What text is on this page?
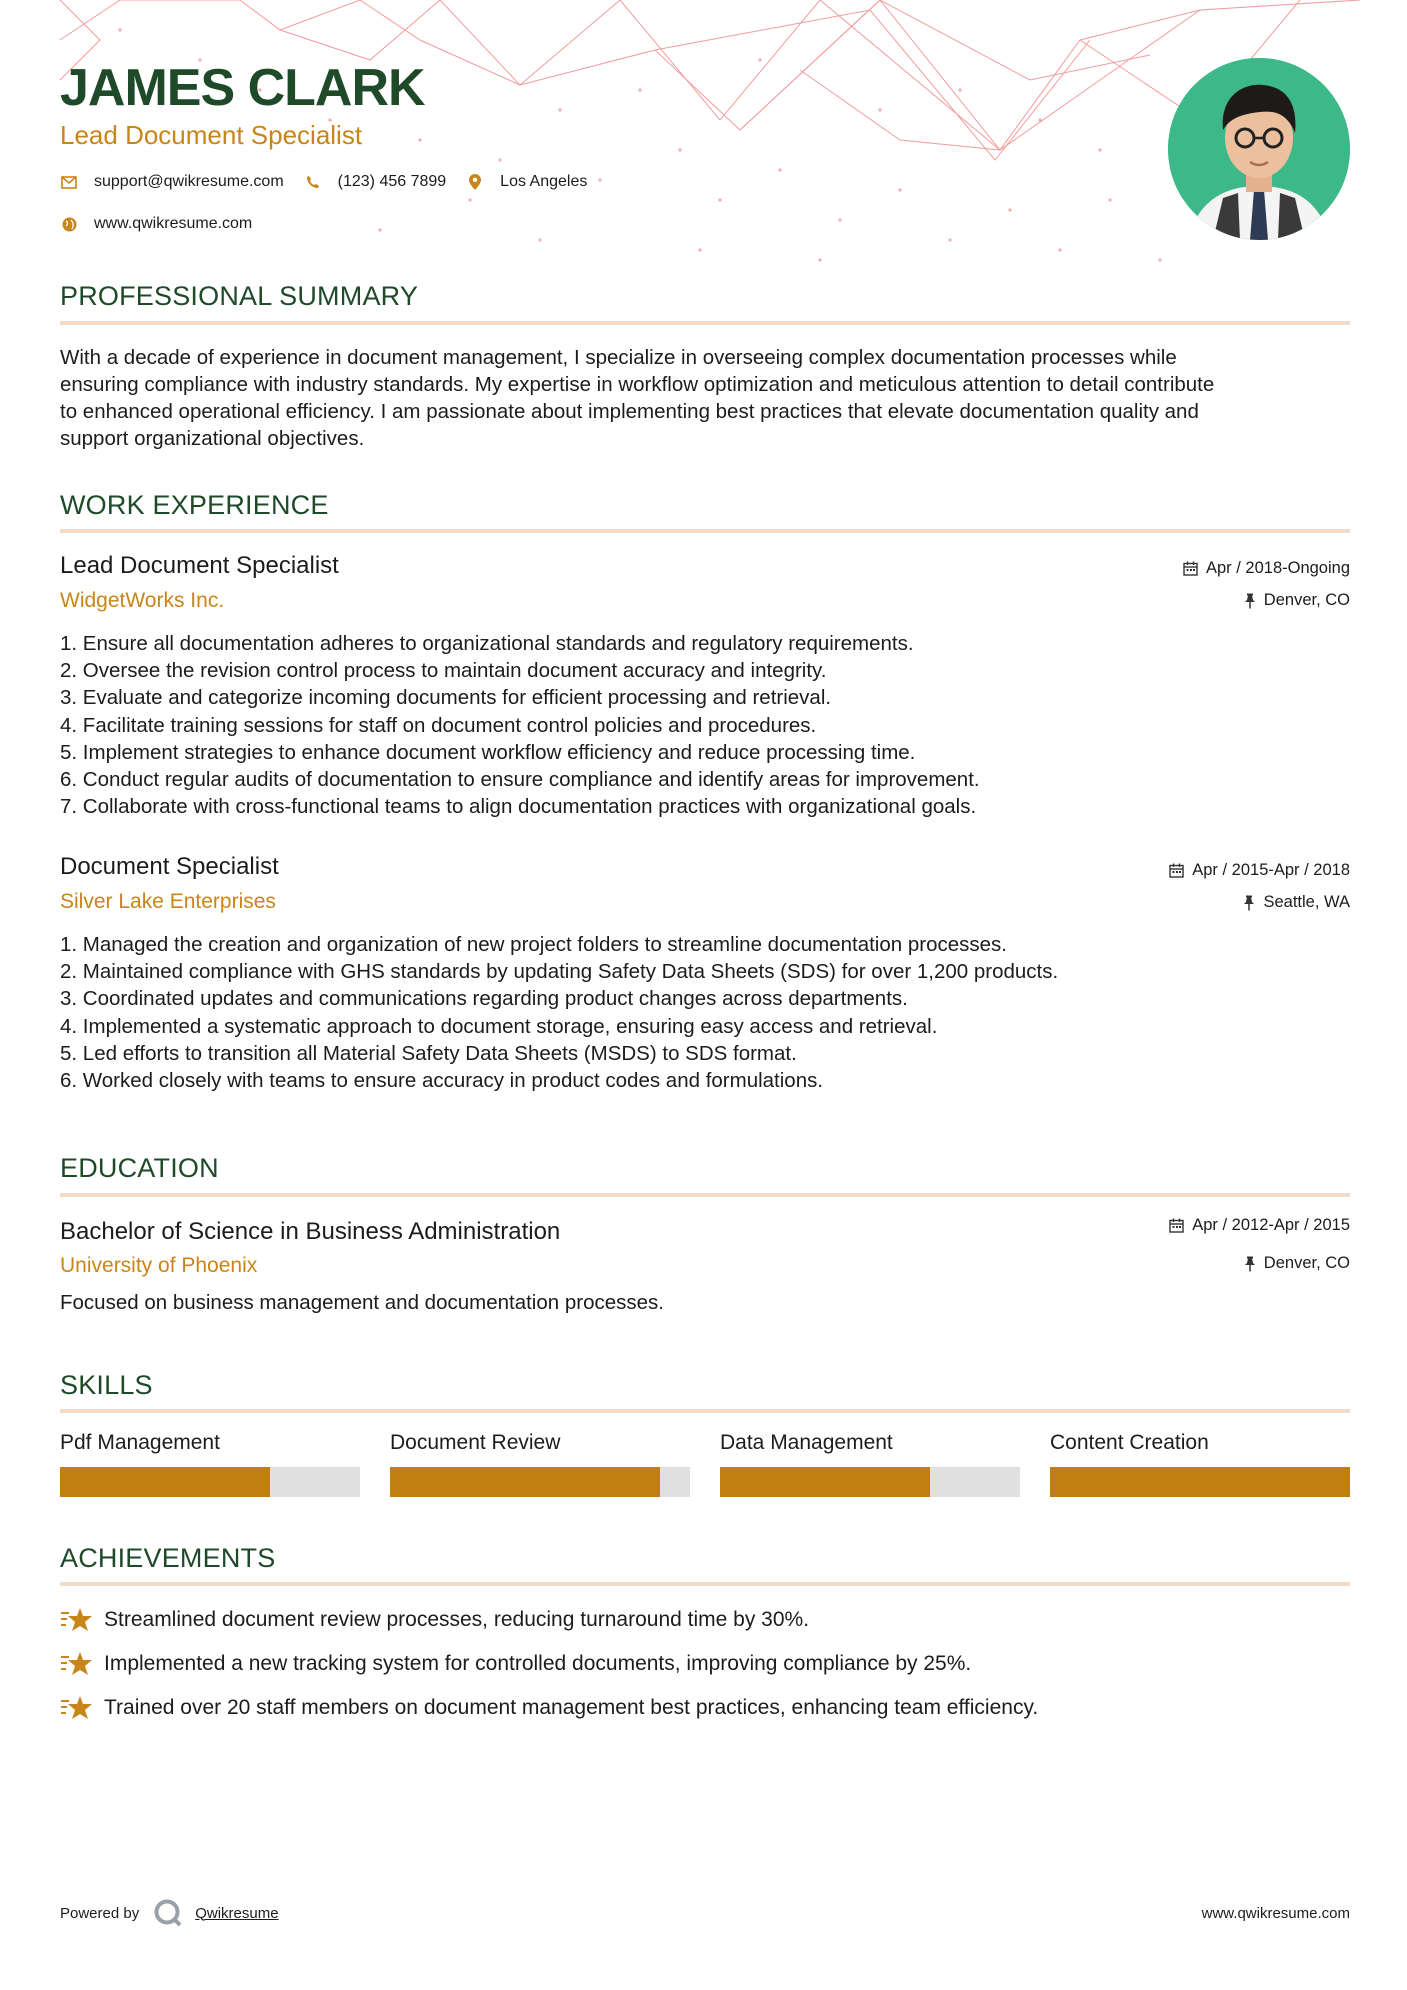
JAMES CLARK
Lead Document Specialist
support@qwikresume.com	(123) 456 7899	Los Angeles
www.qwikresume.com
PROFESSIONAL SUMMARY
With a decade of experience in document management, I specialize in overseeing complex documentation processes while
ensuring compliance with industry standards. My expertise in workflow optimization and meticulous attention to detail contribute
to enhanced operational efficiency. I am passionate about implementing best practices that elevate documentation quality and
support organizational objectives.
WORK EXPERIENCE
Lead Document Specialist
WidgetWorks Inc.
Apr / 2018-Ongoing
Denver, CO
1. Ensure all documentation adheres to organizational standards and regulatory requirements.
2. Oversee the revision control process to maintain document accuracy and integrity.
3. Evaluate and categorize incoming documents for efficient processing and retrieval.
4. Facilitate training sessions for staff on document control policies and procedures.
5. Implement strategies to enhance document workflow efficiency and reduce processing time.
6. Conduct regular audits of documentation to ensure compliance and identify areas for improvement.
7. Collaborate with cross-functional teams to align documentation practices with organizational goals.
Document Specialist
Silver Lake Enterprises
Apr / 2015-Apr / 2018
Seattle, WA
1. Managed the creation and organization of new project folders to streamline documentation processes.
2. Maintained compliance with GHS standards by updating Safety Data Sheets (SDS) for over 1,200 products.
3. Coordinated updates and communications regarding product changes across departments.
4. Implemented a systematic approach to document storage, ensuring easy access and retrieval.
5. Led efforts to transition all Material Safety Data Sheets (MSDS) to SDS format.
6. Worked closely with teams to ensure accuracy in product codes and formulations.
EDUCATION
Bachelor of Science in Business Administration
University of Phoenix
Apr / 2012-Apr / 2015
Denver, CO
Focused on business management and documentation processes.
SKILLS
Pdf Management	Document Review	Data Management	Content Creation
ACHIEVEMENTS
Streamlined document review processes, reducing turnaround time by 30%.
Implemented a new tracking system for controlled documents, improving compliance by 25%.
Trained over 20 staff members on document management best practices, enhancing team efficiency.
Powered by	Qwikresume	www.qwikresume.com
